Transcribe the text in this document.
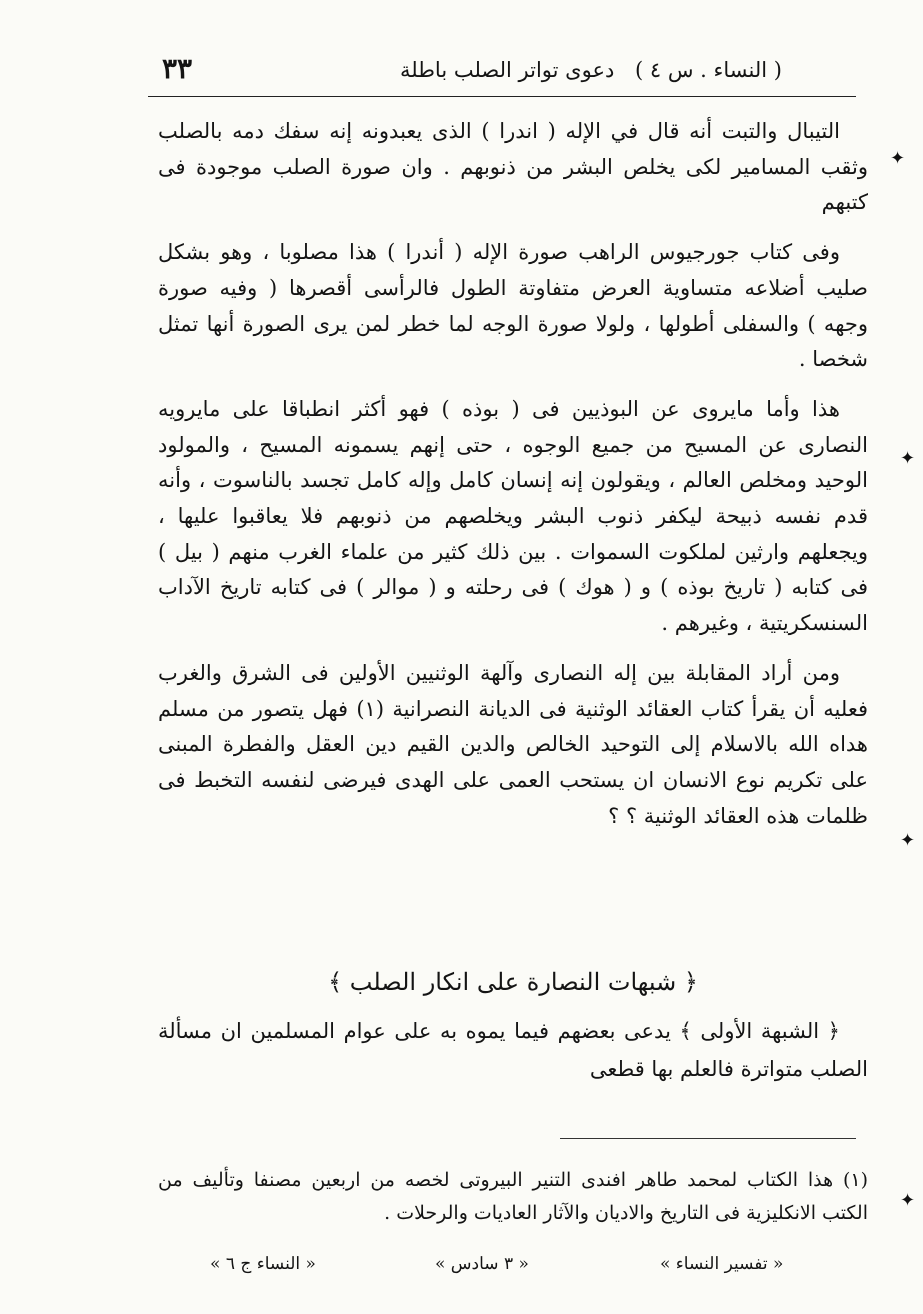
٣٣	دعوى تواتر الصلب باطلة ( النساء . س ٤ )

التيبال والتبت أنه قال في الإله ( اندرا ) الذى يعبدونه إنه سفك دمه بالصلب وثقب المسامير لكى يخلص البشر من ذنوبهم . وان صورة الصلب موجودة فى كتبهم

وفى كتاب جورجيوس الراهب صورة الإله ( أندرا ) هذا مصلوبا ، وهو بشكل صليب أضلاعه متساوية العرض متفاوتة الطول فالرأسى أقصرها ( وفيه صورة وجهه ) والسفلى أطولها ، ولولا صورة الوجه لما خطر لمن يرى الصورة أنها تمثل شخصا .

هذا وأما مايروى عن البوذيين فى ( بوذه ) فهو أكثر انطباقا على مايرويه النصارى عن المسيح من جميع الوجوه ، حتى إنهم يسمونه المسيح ، والمولود الوحيد ومخلص العالم ، ويقولون إنه إنسان كامل وإله كامل تجسد بالناسوت ، وأنه قدم نفسه ذبيحة ليكفر ذنوب البشر ويخلصهم من ذنوبهم فلا يعاقبوا عليها ، ويجعلهم وارثين لملكوت السموات . بين ذلك كثير من علماء الغرب منهم ( بيل ) فى كتابه ( تاريخ بوذه ) و ( هوك ) فى رحلته و ( موالر ) فى كتابه تاريخ الآداب السنسكريتية ، وغيرهم .

ومن أراد المقابلة بين إله النصارى وآلهة الوثنيين الأولين فى الشرق والغرب فعليه أن يقرأ كتاب العقائد الوثنية فى الديانة النصرانية (١) فهل يتصور من مسلم هداه الله بالاسلام إلى التوحيد الخالص والدين القيم دين العقل والفطرة المبنى على تكريم نوع الانسان ان يستحب العمى على الهدى فيرضى لنفسه التخبط فى ظلمات هذه العقائد الوثنية ؟ ؟

﴿ شبهات النصارة على انكار الصلب ﴾
﴿ الشبهة الأولى ﴾ يدعى بعضهم فيما يموه به على عوام المسلمين ان مسألة الصلب متواترة فالعلم بها قطعى
(١) هذا الكتاب لمحمد طاهر افندى التنير البيروتى لخصه من اربعين مصنفا وتأليف من الكتب الانكليزية فى التاريخ والاديان والآثار العاديات والرحلات .
« تفسير النساء »
« ٣ سادس »
« النساء ج ٦ »
✦
✦
✦
✦
